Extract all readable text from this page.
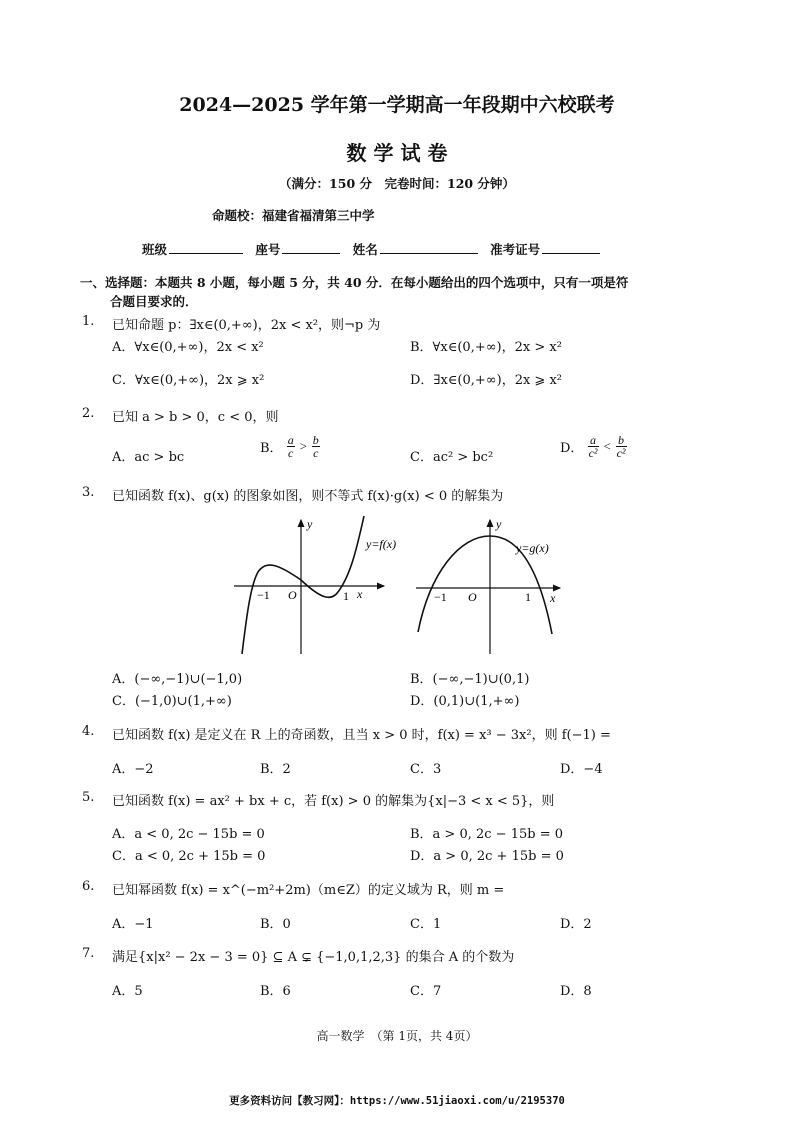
2024—2025 学年第一学期高一年段期中六校联考
数 学 试 卷
（满分：150 分　完卷时间：120 分钟）
命题校：福建省福清第三中学
班级	座号	姓名	准考证号
一、选择题：本题共 8 小题，每小题 5 分，共 40 分．在每小题给出的四个选项中，只有一项是符
合题目要求的．
1. 已知命题 p：∃x∈(0,+∞)，2x < x²，则¬p 为
A．∀x∈(0,+∞)，2x < x²	B．∀x∈(0,+∞)，2x > x²
C．∀x∈(0,+∞)，2x ⩾ x²	D．∃x∈(0,+∞)，2x ⩾ x²
2. 已知 a > b > 0，c < 0，则
A．ac > bc
B． $\frac{a}{c} > \frac{b}{c}$	C．ac² > bc²
D． $\frac{a}{\text{c²}} < \frac{b}{\text{c²}}$
3. 已知函数 f(x)、g(x) 的图象如图，则不等式 f(x)·g(x) < 0 的解集为
y=f(x)
y
x
O
−1	1
y=g(x)
y
x
O
−1	1
A．(−∞,−1)∪(−1,0)	B．(−∞,−1)∪(0,1)
C．(−1,0)∪(1,+∞)	D．(0,1)∪(1,+∞)
4. 已知函数 f(x) 是定义在 R 上的奇函数，且当 x > 0 时，f(x) = x³ − 3x²，则 f(−1) =
A．−2	B．2	C．3	D．−4
5. 已知函数 f(x) = ax² + bx + c，若 f(x) > 0 的解集为{x|−3 < x < 5}，则
A．a < 0, 2c − 15b = 0	B．a > 0, 2c − 15b = 0
C．a < 0, 2c + 15b = 0	D．a > 0, 2c + 15b = 0
6. 已知幂函数 f(x) = x^(−m²+2m)（m∈Z）的定义域为 R，则 m =
A．−1	B．0	C．1	D．2
7. 满足{x|x² − 2x − 3 = 0} ⊆ A ⊊ {−1,0,1,2,3} 的集合 A 的个数为
A．5	B．6	C．7	D．8
高一数学　（第 1页，共 4页）
更多资料访问【教习网】：https://www.51jiaoxi.com/u/2195370
